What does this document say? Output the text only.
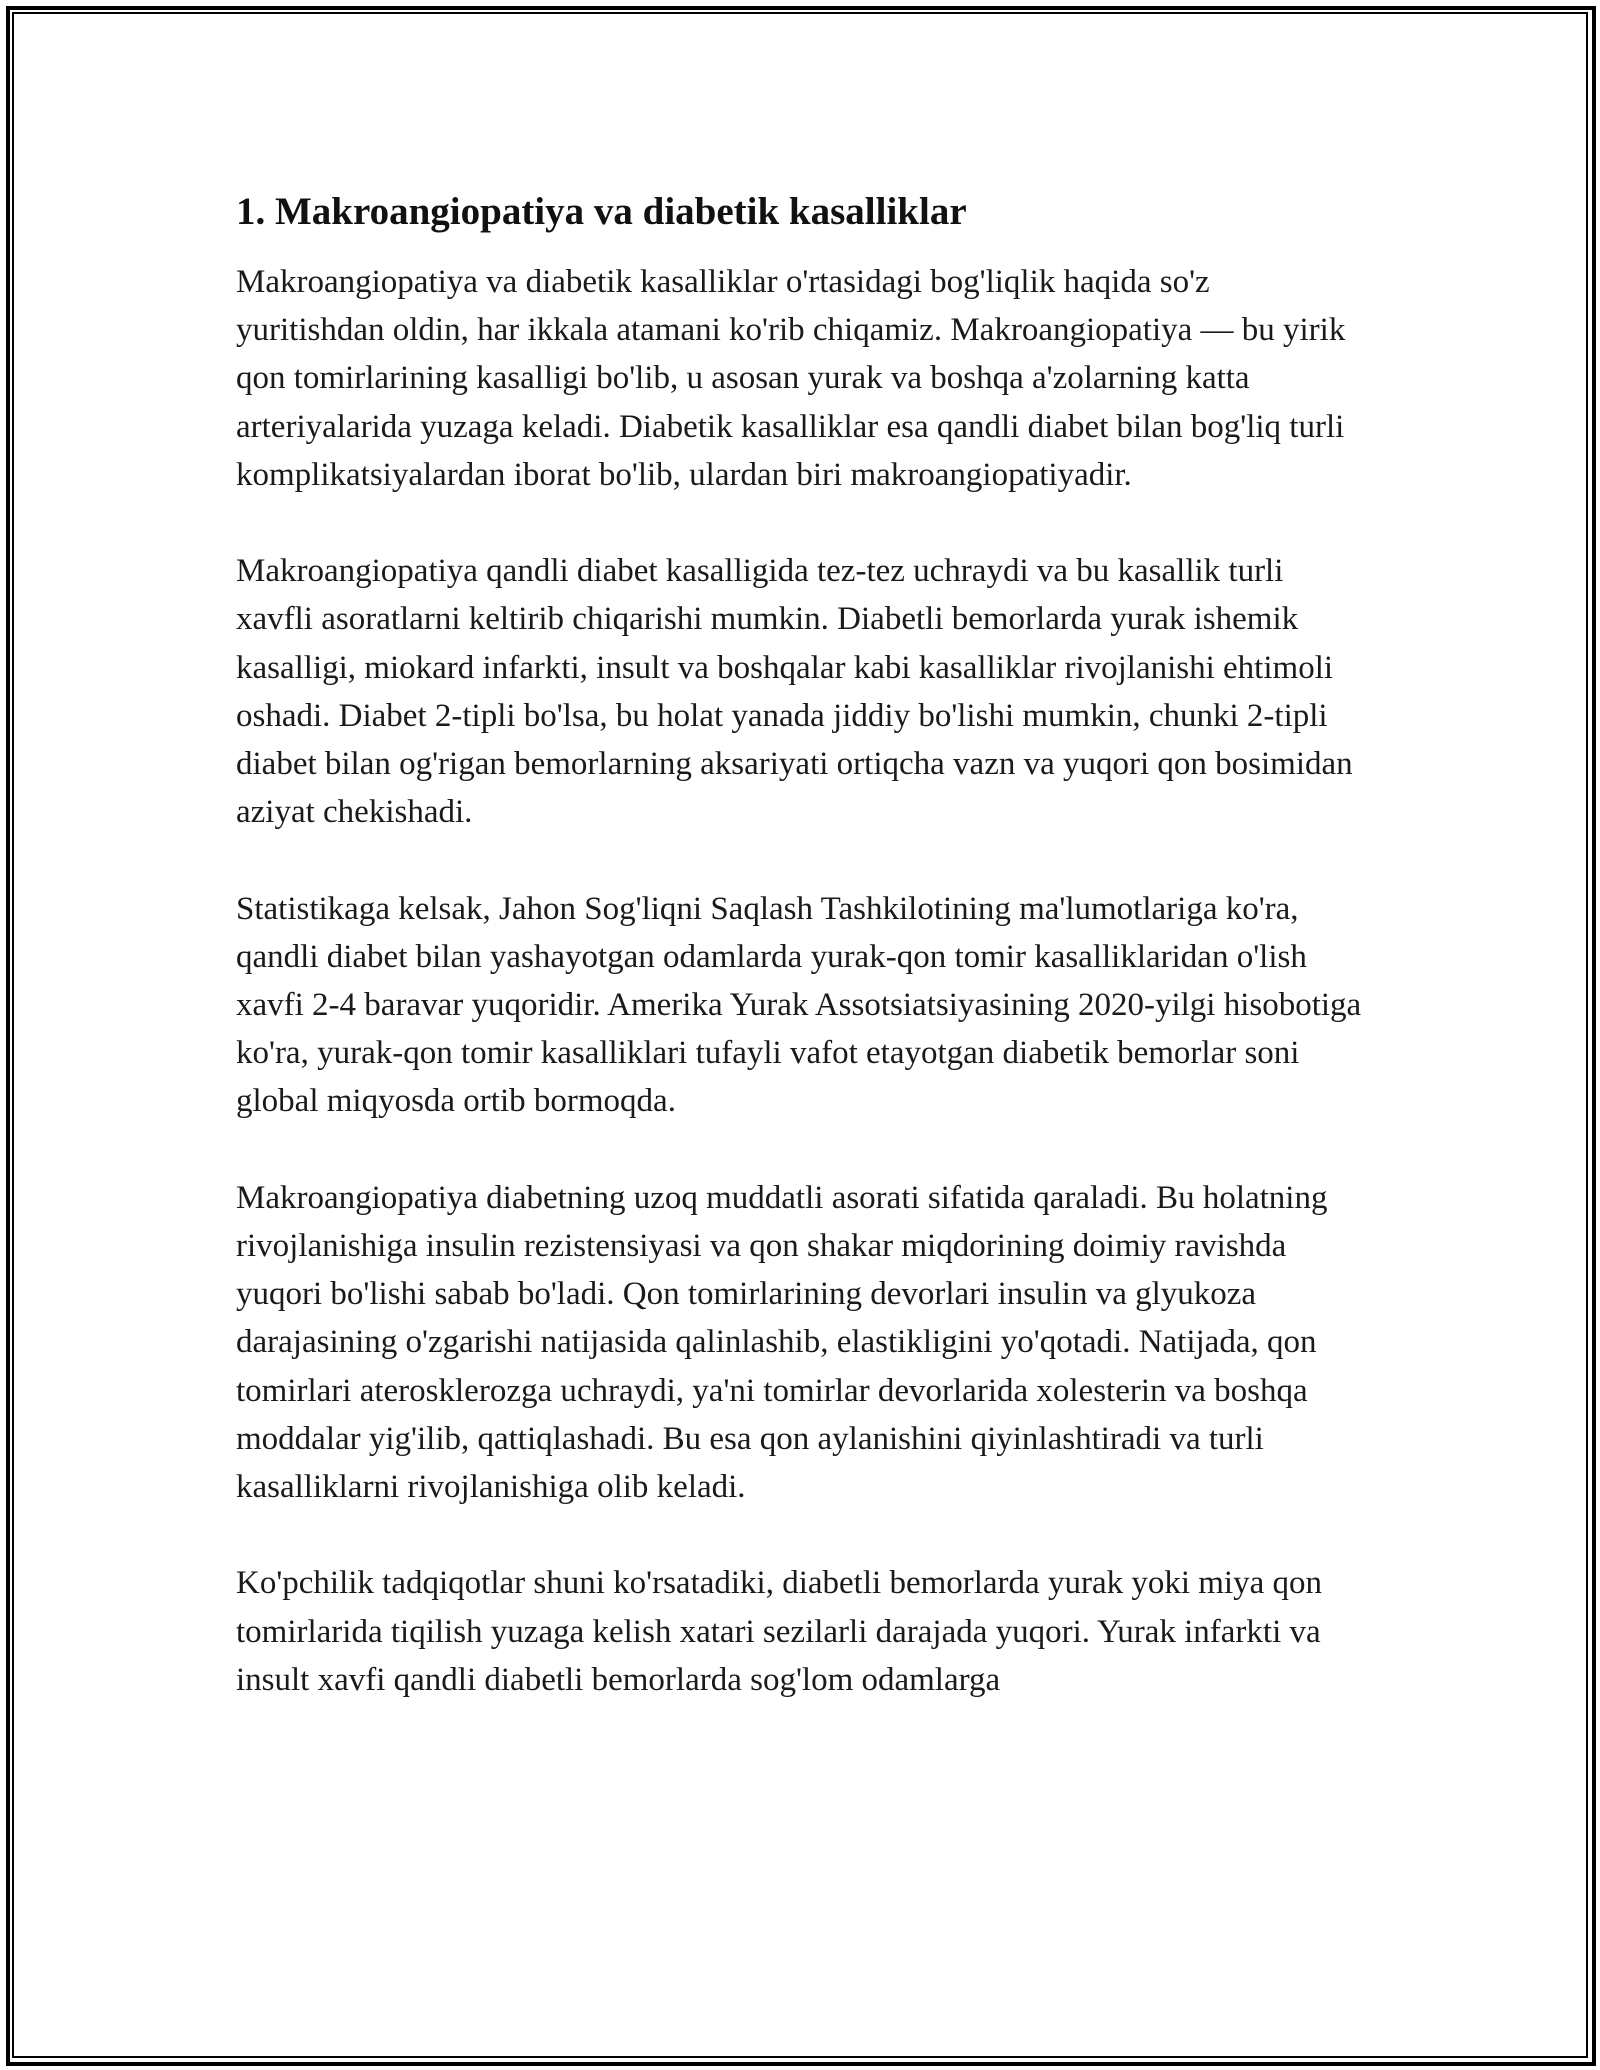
1. Makroangiopatiya va diabetik kasalliklar

Makroangiopatiya va diabetik kasalliklar o'rtasidagi bog'liqlik haqida so'z yuritishdan oldin, har ikkala atamani ko'rib chiqamiz. Makroangiopatiya — bu yirik qon tomirlarining kasalligi bo'lib, u asosan yurak va boshqa a'zolarning katta arteriyalarida yuzaga keladi. Diabetik kasalliklar esa qandli diabet bilan bog'liq turli komplikatsiyalardan iborat bo'lib, ulardan biri makroangiopatiyadir.

Makroangiopatiya qandli diabet kasalligida tez-tez uchraydi va bu kasallik turli xavfli asoratlarni keltirib chiqarishi mumkin. Diabetli bemorlarda yurak ishemik kasalligi, miokard infarkti, insult va boshqalar kabi kasalliklar rivojlanishi ehtimoli oshadi. Diabet 2-tipli bo'lsa, bu holat yanada jiddiy bo'lishi mumkin, chunki 2-tipli diabet bilan og'rigan bemorlarning aksariyati ortiqcha vazn va yuqori qon bosimidan aziyat chekishadi.

Statistikaga kelsak, Jahon Sog'liqni Saqlash Tashkilotining ma'lumotlariga ko'ra, qandli diabet bilan yashayotgan odamlarda yurak-qon tomir kasalliklaridan o'lish xavfi 2-4 baravar yuqoridir. Amerika Yurak Assotsiatsiyasining 2020-yilgi hisobotiga ko'ra, yurak-qon tomir kasalliklari tufayli vafot etayotgan diabetik bemorlar soni global miqyosda ortib bormoqda.

Makroangiopatiya diabetning uzoq muddatli asorati sifatida qaraladi. Bu holatning rivojlanishiga insulin rezistensiyasi va qon shakar miqdorining doimiy ravishda yuqori bo'lishi sabab bo'ladi. Qon tomirlarining devorlari insulin va glyukoza darajasining o'zgarishi natijasida qalinlashib, elastikligini yo'qotadi. Natijada, qon tomirlari aterosklerozga uchraydi, ya'ni tomirlar devorlarida xolesterin va boshqa moddalar yig'ilib, qattiqlashadi. Bu esa qon aylanishini qiyinlashtiradi va turli kasalliklarni rivojlanishiga olib keladi.

Ko'pchilik tadqiqotlar shuni ko'rsatadiki, diabetli bemorlarda yurak yoki miya qon tomirlarida tiqilish yuzaga kelish xatari sezilarli darajada yuqori. Yurak infarkti va insult xavfi qandli diabetli bemorlarda sog'lom odamlarga
